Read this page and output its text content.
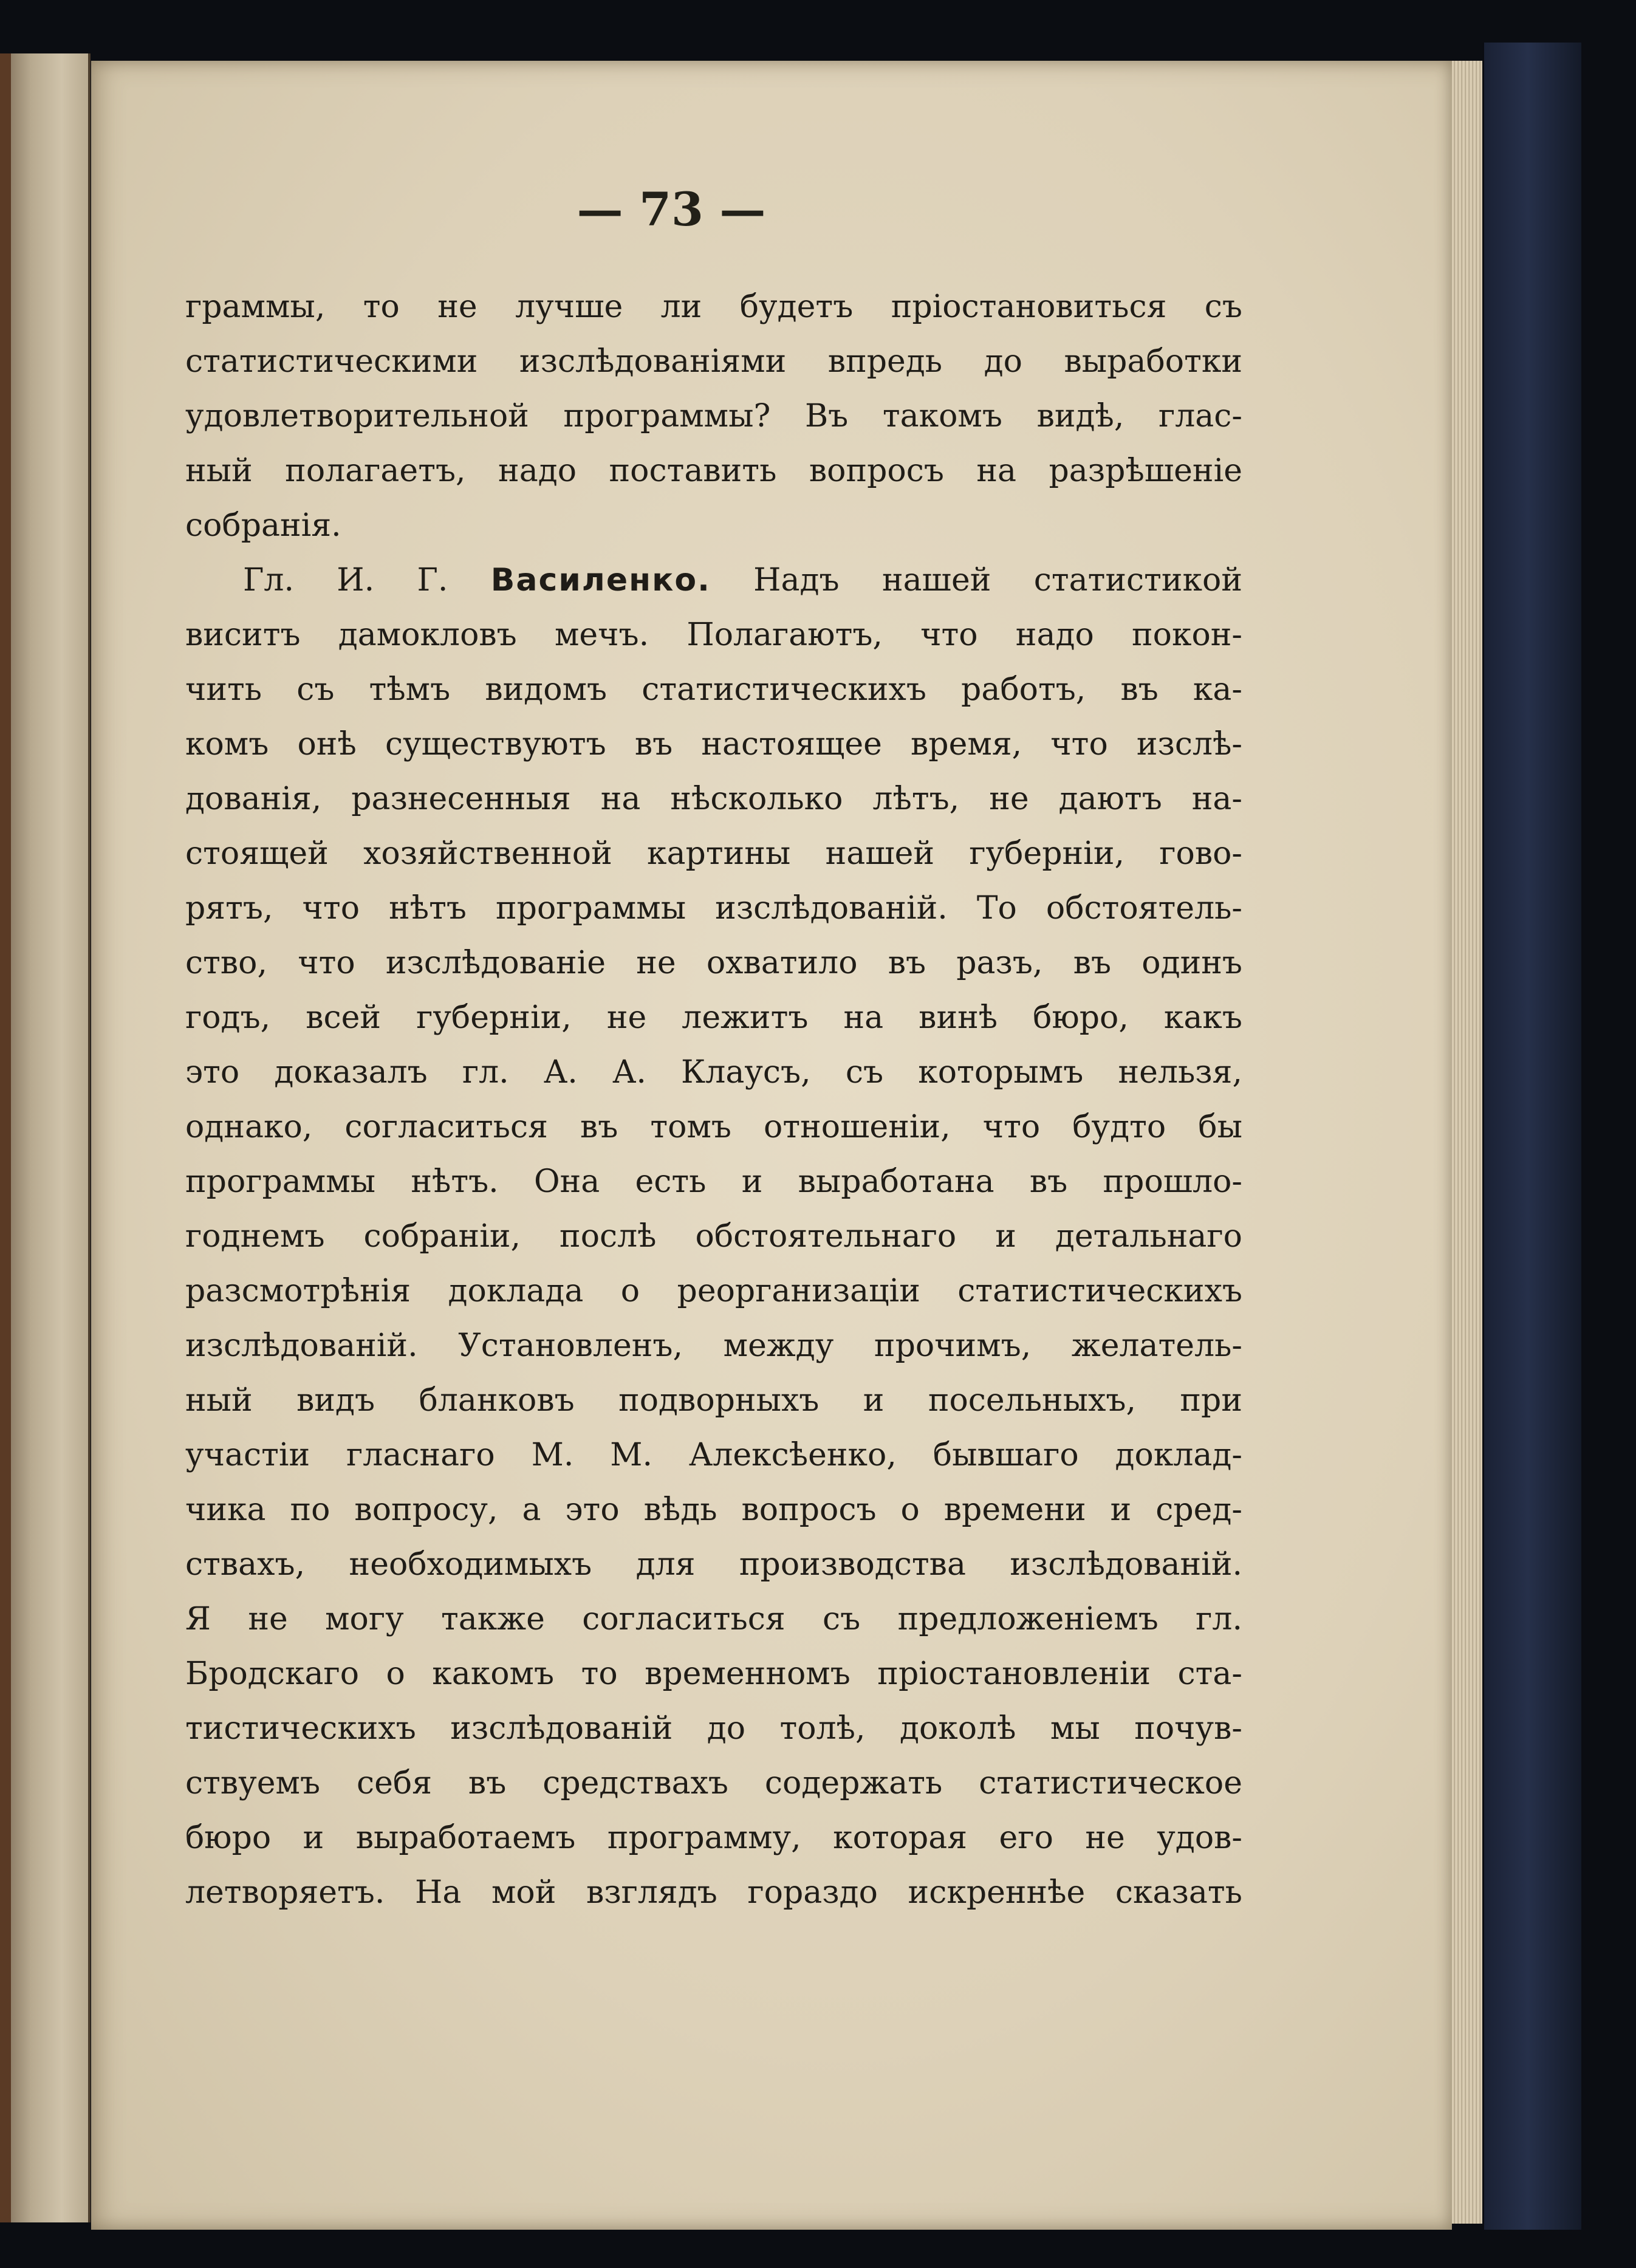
— 73 —
граммы, то не лучше ли будетъ пріостановиться съ
статистическими изслѣдованіями впредь до выработки
удовлетворительной программы? Въ такомъ видѣ, глас-
ный полагаетъ, надо поставить вопросъ на разрѣшеніе
собранія.
Гл. И. Г. Василенко. Надъ нашей статистикой
виситъ дамокловъ мечъ. Полагаютъ, что надо покон-
чить съ тѣмъ видомъ статистическихъ работъ, въ ка-
комъ онѣ существуютъ въ настоящее время, что изслѣ-
дованія, разнесенныя на нѣсколько лѣтъ, не даютъ на-
стоящей хозяйственной картины нашей губерніи, гово-
рятъ, что нѣтъ программы изслѣдованій. То обстоятель-
ство, что изслѣдованіе не охватило въ разъ, въ одинъ
годъ, всей губерніи, не лежитъ на винѣ бюро, какъ
это доказалъ гл. А. А. Клаусъ, съ которымъ нельзя,
однако, согласиться въ томъ отношеніи, что будто бы
программы нѣтъ. Она есть и выработана въ прошло-
годнемъ собраніи, послѣ обстоятельнаго и детальнаго
разсмотрѣнія доклада о реорганизаціи статистическихъ
изслѣдованій. Установленъ, между прочимъ, желатель-
ный видъ бланковъ подворныхъ и посельныхъ, при
участіи гласнаго М. М. Алексѣенко, бывшаго доклад-
чика по вопросу, а это вѣдь вопросъ о времени и сред-
ствахъ, необходимыхъ для производства изслѣдованій.
Я не могу также согласиться съ предложеніемъ гл.
Бродскаго о какомъ то временномъ пріостановленіи ста-
тистическихъ изслѣдованій до толѣ, доколѣ мы почув-
ствуемъ себя въ средствахъ содержать статистическое
бюро и выработаемъ программу, которая его не удов-
летворяетъ. На мой взглядъ гораздо искреннѣе сказать
